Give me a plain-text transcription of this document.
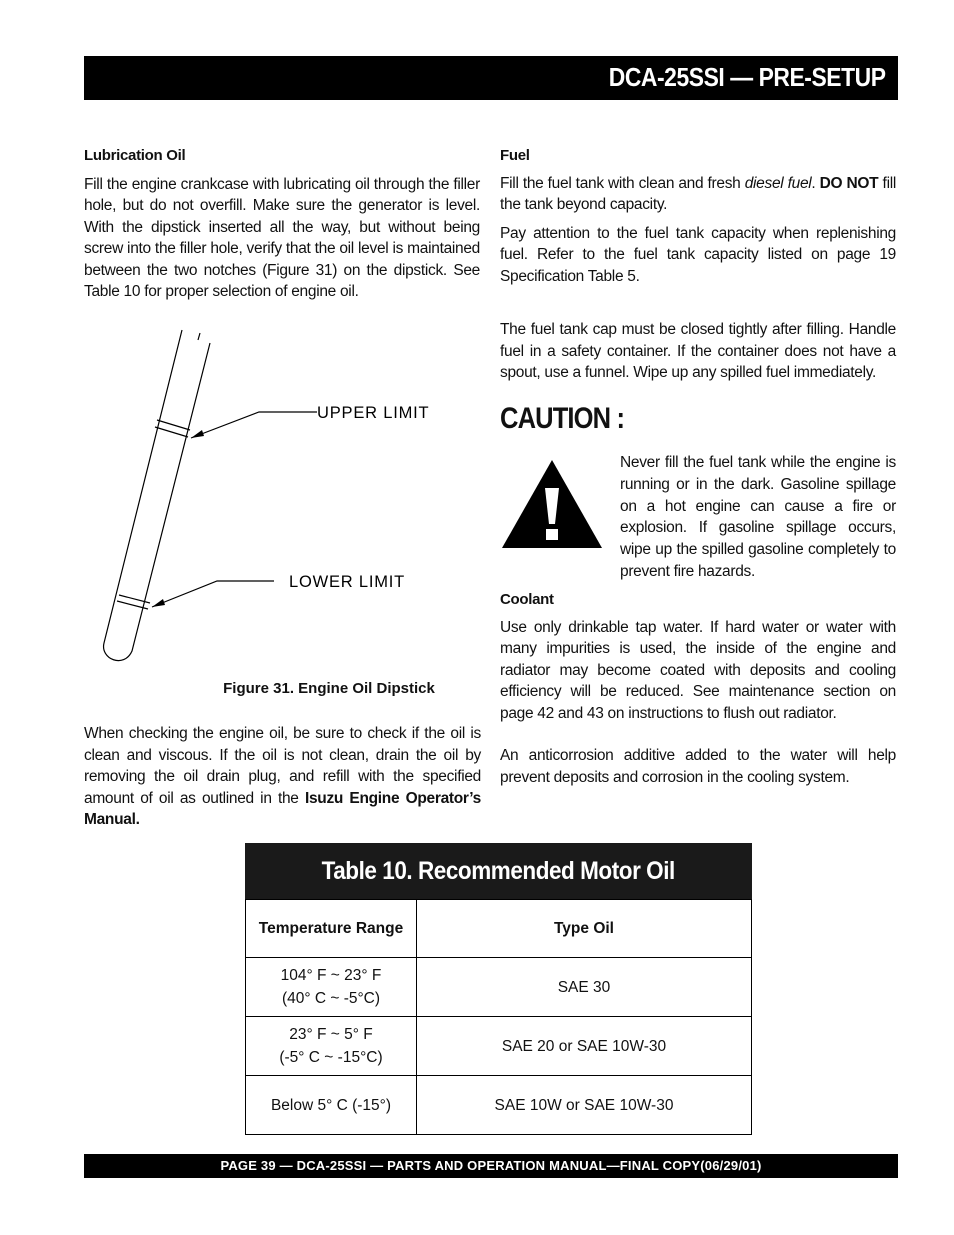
DCA-25SSI — PRE-SETUP
Lubrication Oil

Fill the engine crankcase with lubricating oil through the filler hole, but do not overfill. Make sure the generator is level. With the dipstick inserted all the way, but without being screw into the filler hole, verify that the oil level is maintained between the two notches (Figure 31) on the dipstick. See Table 10 for proper selection of engine oil.

UPPER LIMIT
LOWER LIMIT
Figure 31. Engine Oil Dipstick

When checking the engine oil, be sure to check if the oil is clean and viscous. If the oil is not clean, drain the oil by removing the oil drain plug, and refill with the specified amount of oil as outlined in the Isuzu Engine Operator’s Manual.

Fuel

Fill the fuel tank with clean and fresh diesel fuel. DO NOT fill the tank beyond capacity.

Pay attention to the fuel tank capacity when replenishing fuel. Refer to the fuel tank capacity listed on page 19 Specification Table 5.

The fuel tank cap must be closed tightly after filling. Handle fuel in a safety container. If the container does not have a spout, use a funnel. Wipe up any spilled fuel immediately.

CAUTION :

Never fill the fuel tank while the engine is running or in the dark. Gasoline spillage on a hot engine can cause a fire or explosion. If gasoline spillage occurs, wipe up the spilled gasoline completely to prevent fire hazards.

Coolant

Use only drinkable tap water. If hard water or water with many impurities is used, the inside of the engine and radiator may become coated with deposits and cooling efficiency will be reduced. See maintenance section on page 42 and 43 on instructions to flush out radiator.

An anticorrosion additive added to the water will help prevent deposits and corrosion in the cooling system.

Table 10. Recommended Motor Oil
Temperature Range	Type Oil

104° F ~ 23° F
(40° C ~ -5°C)	SAE 30

23° F ~ 5° F
(-5° C ~ -15°C)	SAE 20 or SAE 10W-30
Below 5° C (-15°)	SAE 10W or SAE 10W-30
PAGE 39 — DCA-25SSI — PARTS AND OPERATION MANUAL—FINAL COPY(06/29/01)
